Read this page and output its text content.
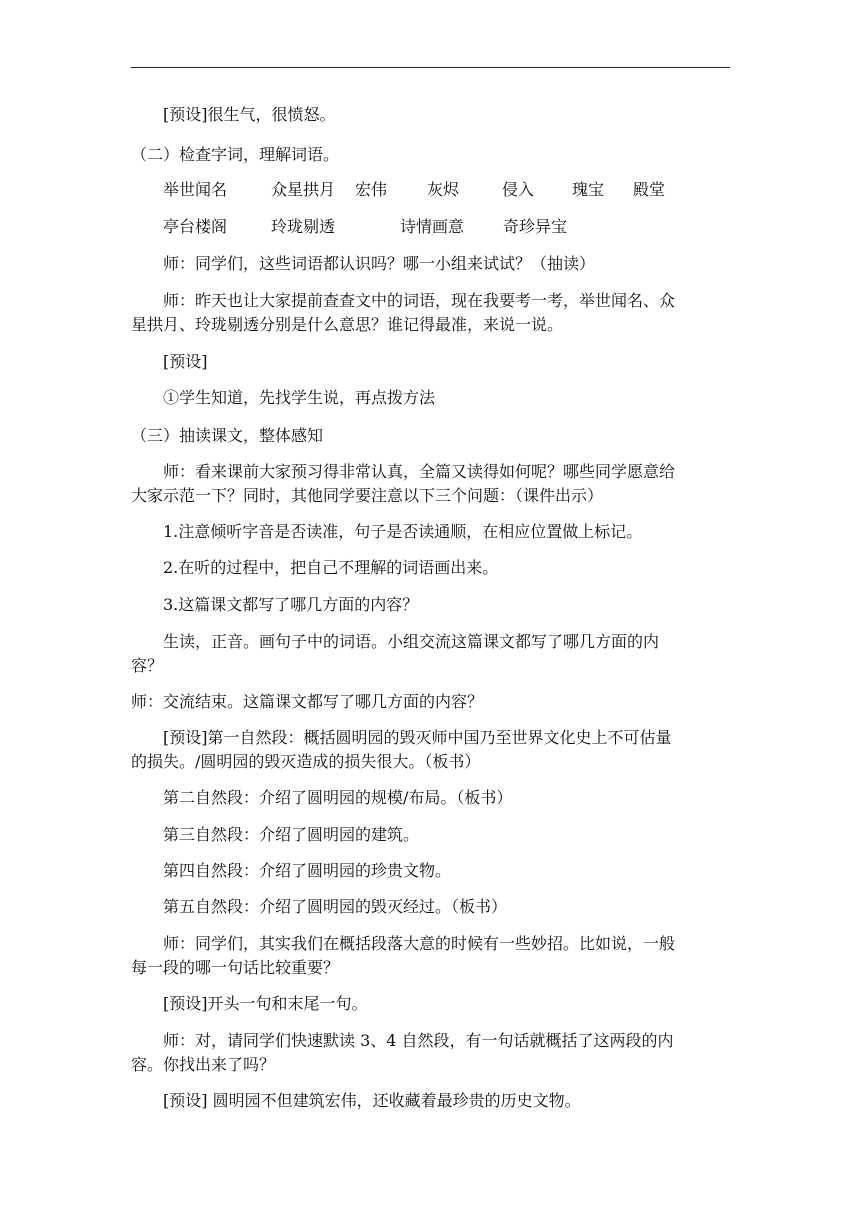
[预设]很生气，很愤怒。
（二）检查字词，理解词语。
举世闻名	众星拱月 宏伟 灰烬	侵入 瑰宝 殿堂
亭台楼阁	玲珑剔透	诗情画意 奇珍异宝
师：同学们，这些词语都认识吗？哪一小组来试试？（抽读）
师：昨天也让大家提前查查文中的词语，现在我要考一考，举世闻名、众
星拱月、玲珑剔透分别是什么意思？谁记得最准，来说一说。
[预设]
①学生知道，先找学生说，再点拨方法
（三）抽读课文，整体感知
师：看来课前大家预习得非常认真，全篇又读得如何呢？哪些同学愿意给
大家示范一下？同时，其他同学要注意以下三个问题：（课件出示）
1.注意倾听字音是否读准，句子是否读通顺，在相应位置做上标记。
2.在听的过程中，把自己不理解的词语画出来。
3.这篇课文都写了哪几方面的内容？
生读，正音。画句子中的词语。小组交流这篇课文都写了哪几方面的内
容？
师：交流结束。这篇课文都写了哪几方面的内容？
[预设]第一自然段：概括圆明园的毁灭师中国乃至世界文化史上不可估量
的损失。/圆明园的毁灭造成的损失很大。（板书）
第二自然段：介绍了圆明园的规模/布局。（板书）
第三自然段：介绍了圆明园的建筑。
第四自然段：介绍了圆明园的珍贵文物。
第五自然段：介绍了圆明园的毁灭经过。（板书）
师：同学们，其实我们在概括段落大意的时候有一些妙招。比如说，一般
每一段的哪一句话比较重要？
[预设]开头一句和末尾一句。
师：对，请同学们快速默读 3、4 自然段，有一句话就概括了这两段的内
容。你找出来了吗？
[预设] 圆明园不但建筑宏伟，还收藏着最珍贵的历史文物。
